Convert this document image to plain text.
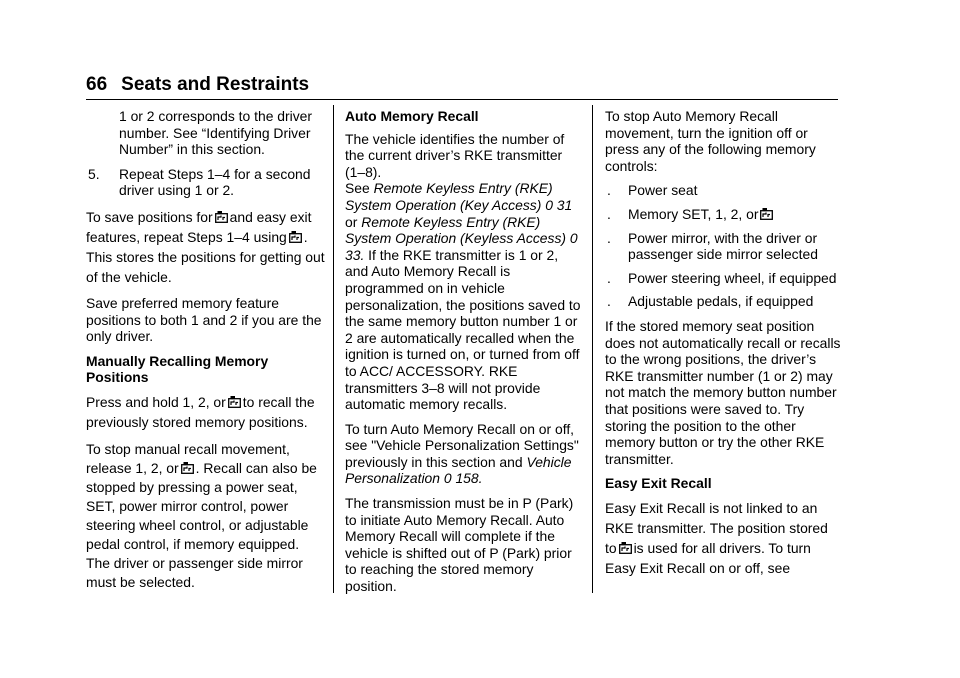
66 Seats and Restraints

1 or 2 corresponds to the driver number. See “Identifying Driver Number” in this section.

5.	Repeat Steps 1–4 for a second driver using 1 or 2.

To save positions for and easy exit features, repeat Steps 1–4 using . This stores the positions for getting out of the vehicle.

Save preferred memory feature positions to both 1 and 2 if you are the only driver.

Manually Recalling Memory Positions

Press and hold 1, 2, or to recall the previously stored memory positions.

To stop manual recall movement, release 1, 2, or . Recall can also be stopped by pressing a power seat, SET, power mirror control, power steering wheel control, or adjustable pedal control, if memory equipped. The driver or passenger side mirror must be selected.

Auto Memory Recall

The vehicle identifies the number of the current driver’s RKE transmitter (1–8).

See Remote Keyless Entry (RKE) System Operation (Key Access) 0 31 or Remote Keyless Entry (RKE) System Operation (Keyless Access) 0 33. If the RKE transmitter is 1 or 2, and Auto Memory Recall is programmed on in vehicle personalization, the positions saved to the same memory button number 1 or 2 are automatically recalled when the ignition is turned on, or turned from off to ACC/ ACCESSORY. RKE transmitters 3–8 will not provide automatic memory recalls.

To turn Auto Memory Recall on or off, see "Vehicle Personalization Settings" previously in this section and Vehicle Personalization 0 158.

The transmission must be in P (Park) to initiate Auto Memory Recall. Auto Memory Recall will complete if the vehicle is shifted out of P (Park) prior to reaching the stored memory position.

To stop Auto Memory Recall movement, turn the ignition off or press any of the following memory controls:

.	Power seat
.	Memory SET, 1, 2, or
.	Power mirror, with the driver or passenger side mirror selected
.	Power steering wheel, if equipped
.	Adjustable pedals, if equipped

If the stored memory seat position does not automatically recall or recalls to the wrong positions, the driver’s RKE transmitter number (1 or 2) may not match the memory button number that positions were saved to. Try storing the position to the other memory button or try the other RKE transmitter.

Easy Exit Recall

Easy Exit Recall is not linked to an RKE transmitter. The position stored to is used for all drivers. To turn Easy Exit Recall on or off, see
